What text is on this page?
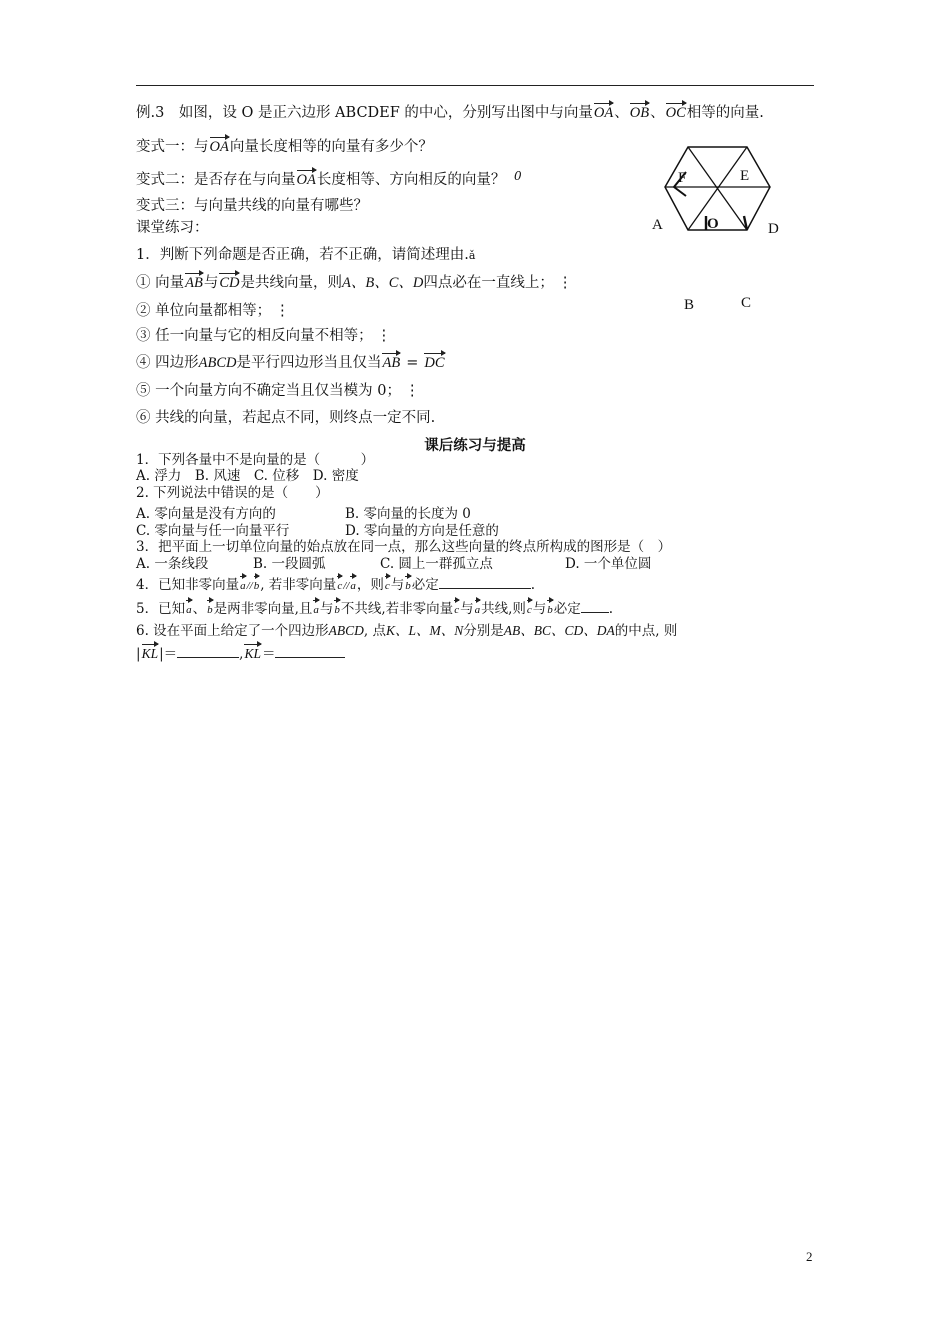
例.3　如图，设 O 是正六边形 ABCDEF 的中心，分别写出图中与向量OA、OB、OC相等的向量.
变式一：与OA向量长度相等的向量有多少个？
变式二：是否存在与向量OA长度相等、方向相反的向量？ $^0$
变式三：与向量共线的向量有哪些？
课堂练习：
1．判断下列命题是否正确，若不正确，请简述理由.ǎ
① 向量AB与CD是共线向量，则A、B、C、D四点必在一直线上； ⋮
② 单位向量都相等； ⋮
③ 任一向量与它的相反向量不相等； ⋮
④ 四边形ABCD是平行四边形当且仅当AB = DC
⑤ 一个向量方向不确定当且仅当模为 0； ⋮
⑥ 共线的向量，若起点不同，则终点一定不同.
F	E
A	O	D
B	C
课后练习与提高
1．下列各量中不是向量的是（　　　）
A. 浮力　B. 风速　C. 位移　D. 密度
2. 下列说法中错误的是（　　）
A. 零向量是没有方向的	B. 零向量的长度为 0
C. 零向量与任一向量平行	D. 零向量的方向是任意的
3．把平面上一切单位向量的始点放在同一点，那么这些向量的终点所构成的图形是（　）
A. 一条线段	B. 一段圆弧	C. 圆上一群孤立点	D. 一个单位圆
4．已知非零向量a//b, 若非零向量c//a，则c与b必定	.
5．已知a、b是两非零向量,且a与b不共线,若非零向量c与a共线,则c与b必定 .
6. 设在平面上给定了一个四边形ABCD, 点K、L、M、N分别是AB、BC、CD、DA的中点, 则
|KL|＝	,KL＝
2
